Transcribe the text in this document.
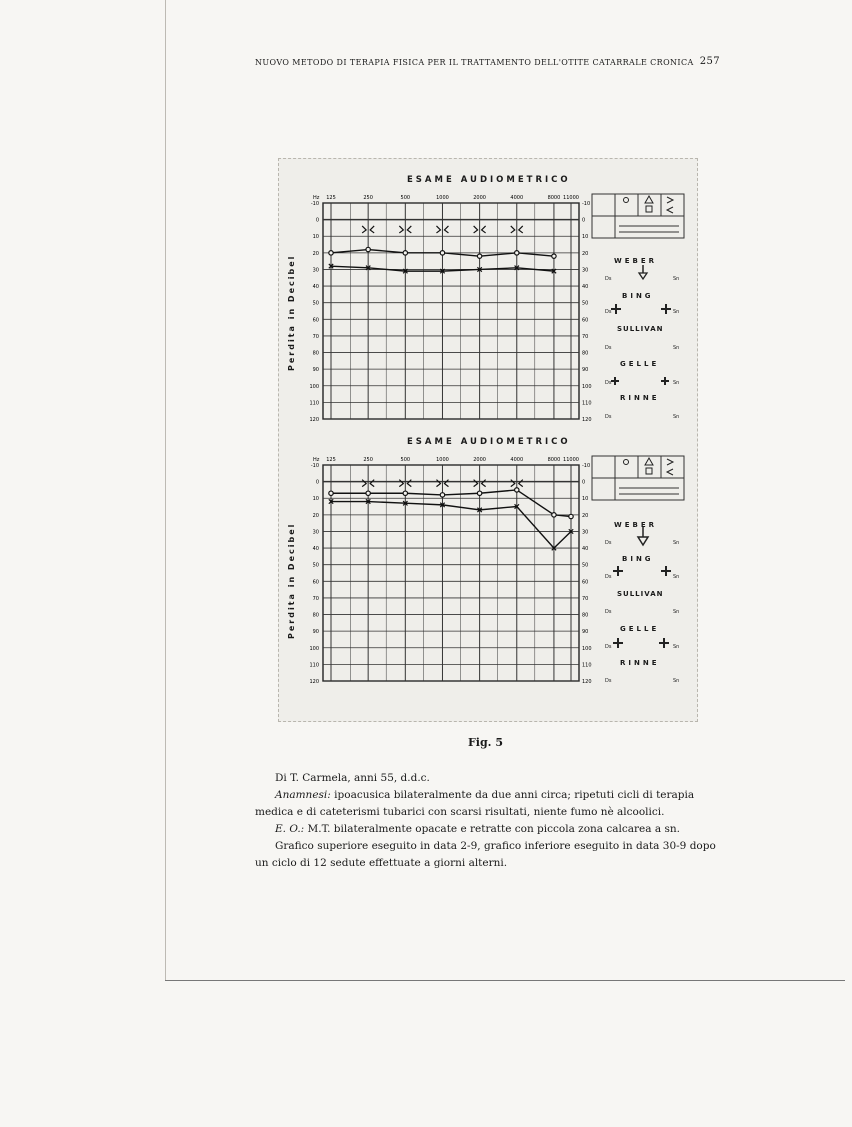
NUOVO METODO DI TERAPIA FISICA PER IL TRATTAMENTO DELL'OTITE CATARRALE CRONICA 257
ESAME AUDIOMETRICO
Perdita in Decibel
-10	-10
0	0
10	10
20	20
30	30
40	40
50	50
60	60
70	70
80	80
90	90
100	100
110	110
120	120
Hz 125	250	500	1000	2000	4000	8000 11000
WEBER
Ds	Sn
BING
Ds	Sn
SULLIVAN
Ds	Sn
GELLE
Ds	Sn
RINNE
Ds	Sn
ESAME AUDIOMETRICO
Perdita in Decibel
-10	-10
0	0
10	10
20	20
30	30
40	40
50	50
60	60
70	70
80	80
90	90
100	100
110	110
120	120
Hz 125	250	500	1000	2000	4000	8000 11000
WEBER
Ds	Sn
BING
Ds	Sn
SULLIVAN
Ds	Sn
GELLE
Ds	Sn
RINNE
Ds	Sn
Fig. 5

Di T. Carmela, anni 55, d.d.c.

Anamnesi: ipoacusica bilateralmente da due anni circa; ripetuti cicli di terapia medica e di cateterismi tubarici con scarsi risultati, niente fumo nè alcoolici.

E. O.: M.T. bilateralmente opacate e retratte con piccola zona calcarea a sn.

Grafico superiore eseguito in data 2-9, grafico inferiore eseguito in data 30-9 dopo un ciclo di 12 sedute effettuate a giorni alterni.
